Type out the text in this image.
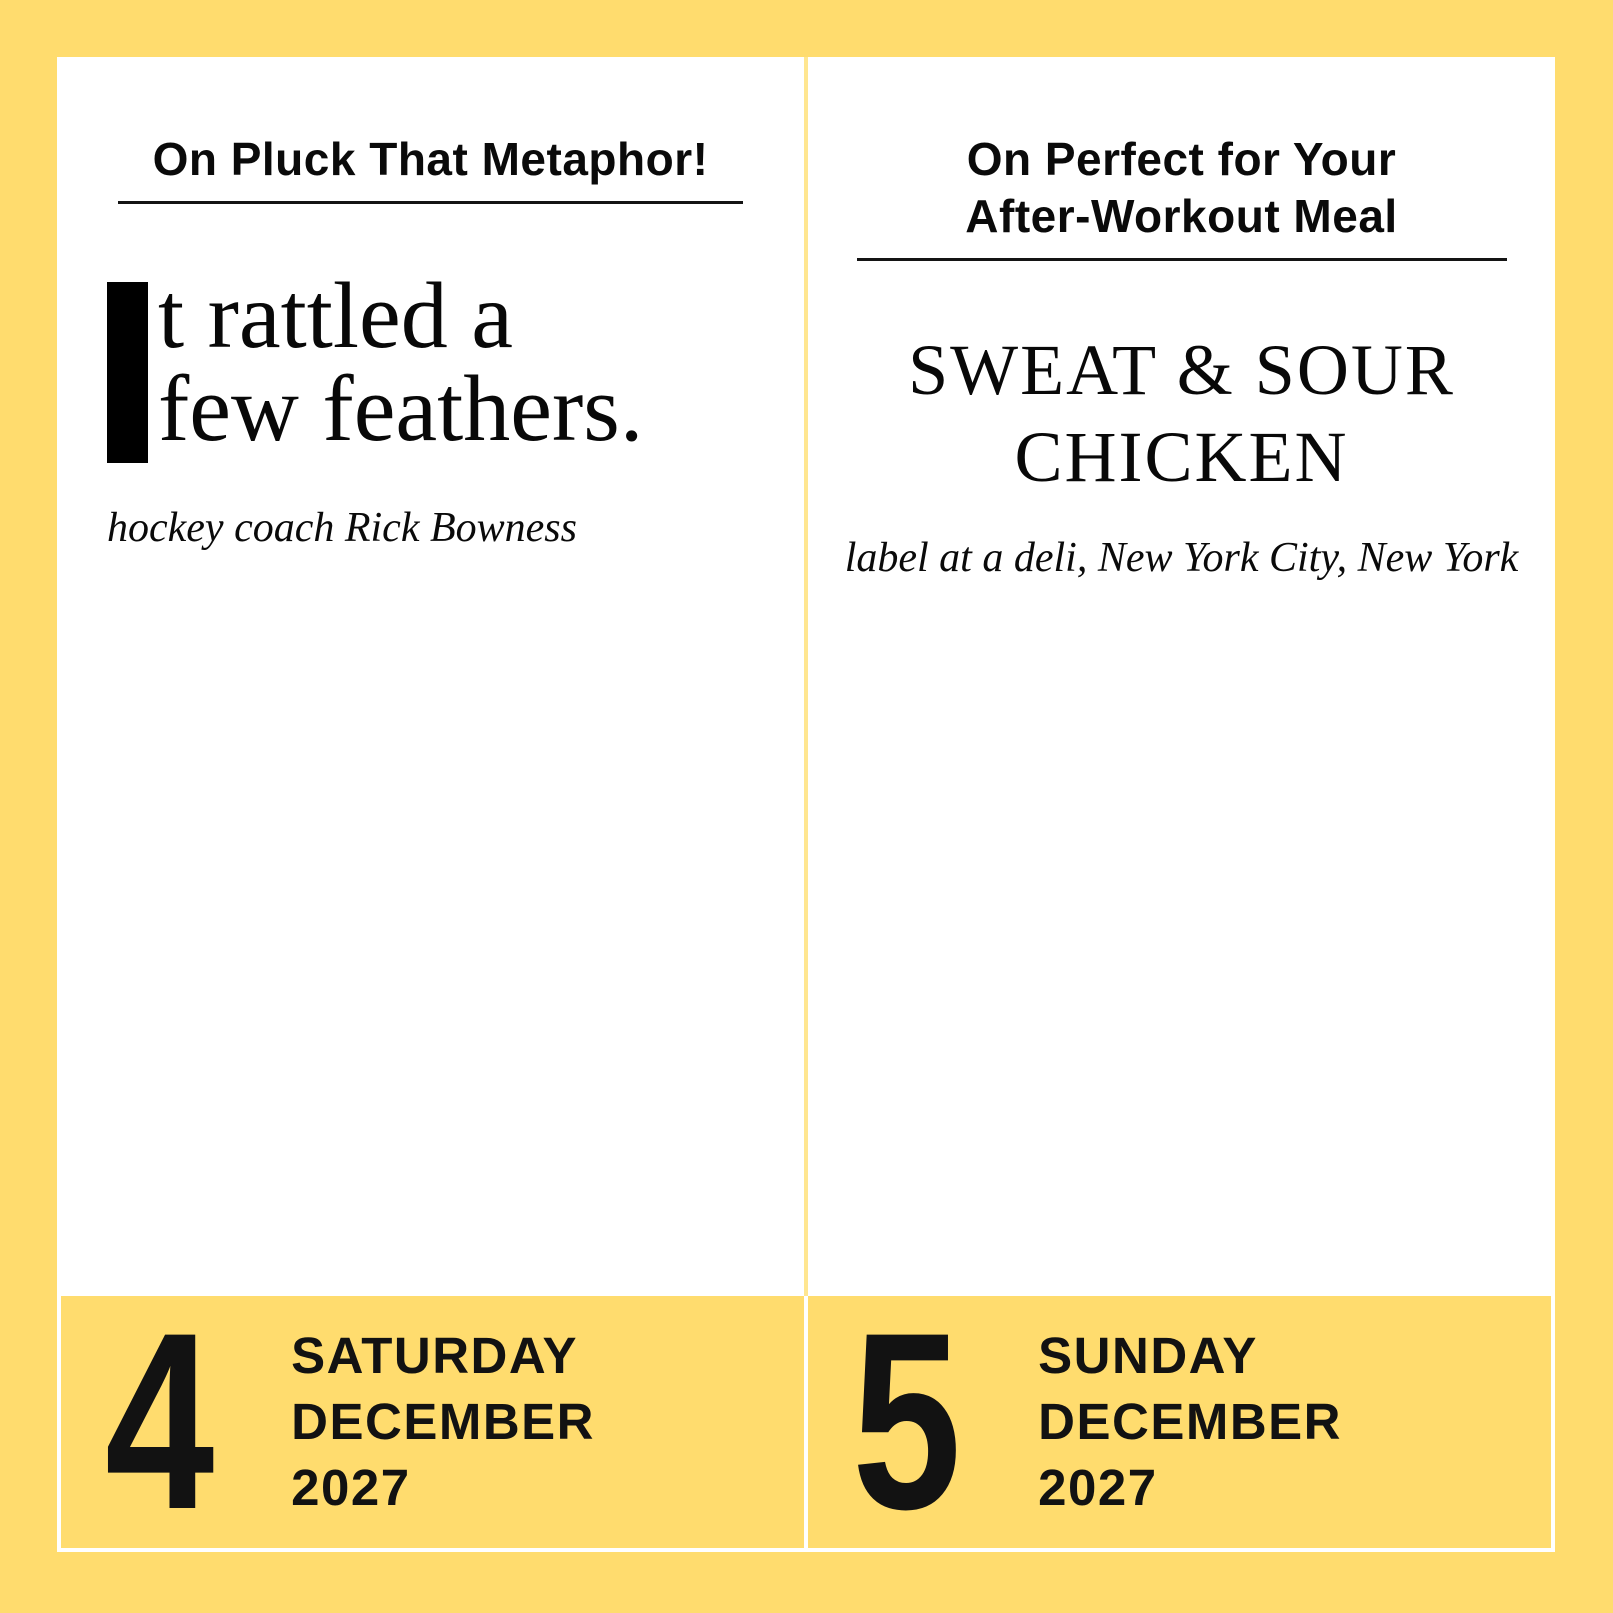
On Pluck That Metaphor!
t rattled a
few feathers.

hockey coach Rick Bowness

On Perfect for Your
After-Workout Meal
SWEAT & SOUR
CHICKEN

label at a deli, New York City, New York

4 SATURDAY
DECEMBER
2027	5 SUNDAY
DECEMBER
2027
